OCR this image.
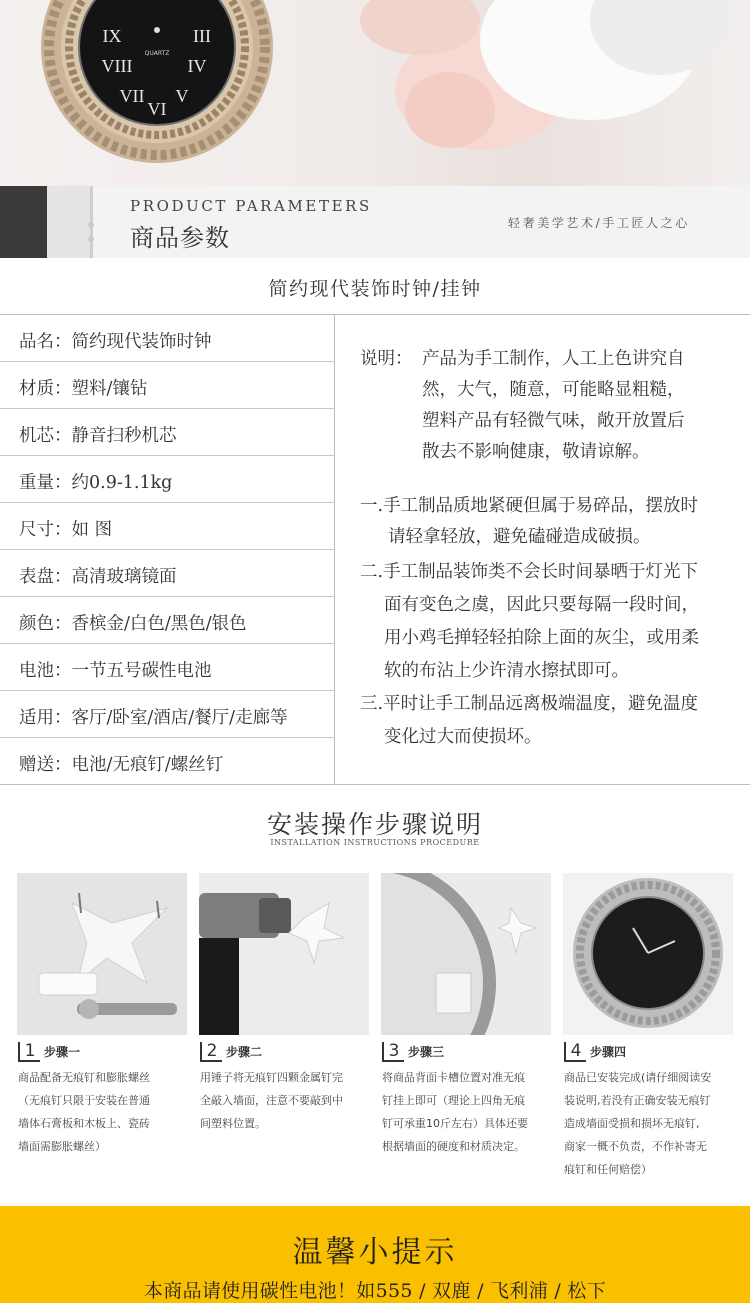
VIII	IV
VII V
VI
IX	III
QUARTZ
PRODUCT PARAMETERS
商品参数
轻奢美学艺术/手工匠人之心
简约现代装饰时钟/挂钟
品名：简约现代装饰时钟
材质：塑料/镶钻
机芯：静音扫秒机芯
重量：约0.9-1.1kg
尺寸：如 图
表盘：高清玻璃镜面
颜色：香槟金/白色/黑色/银色
电池：一节五号碳性电池
适用：客厅/卧室/酒店/餐厅/走廊等
赠送：电池/无痕钉/螺丝钉
说明： 产品为手工制作，人工上色讲究自
然，大气，随意，可能略显粗糙，
塑料产品有轻微气味，敞开放置后
散去不影响健康，敬请谅解。
一.手工制品质地紧硬但属于易碎品，摆放时
请轻拿轻放，避免磕碰造成破损。
二.手工制品装饰类不会长时间暴晒于灯光下
面有变色之虞，因此只要每隔一段时间，
用小鸡毛掸轻轻拍除上面的灰尘，或用柔
软的布沾上少许清水擦拭即可。
三.平时让手工制品远离极端温度，避免温度
变化过大而使损坏。
安装操作步骤说明
INSTALLATION INSTRUCTIONS PROCEDURE
1 步骤一	2 步骤二	3 步骤三	4 步骤四
商品配备无痕钉和膨胀螺丝
（无痕钉只限于安装在普通
墙体石膏板和木板上、瓷砖
墙面需膨胀螺丝）
用锤子将无痕钉四颗金属钉完
全敲入墙面，注意不要敲到中
间塑料位置。
将商品背面卡槽位置对准无痕
钉挂上即可（理论上四角无痕
钉可承重10斤左右）具体还要
根据墙面的硬度和材质决定。
商品已安装完成(请仔细阅读安
装说明,若没有正确安装无痕钉
造成墙面受损和损坏无痕钉,
商家一概不负责，不作补寄无
痕钉和任何赔偿）
温馨小提示
本商品请使用碳性电池！如555 / 双鹿 / 飞利浦 / 松下
